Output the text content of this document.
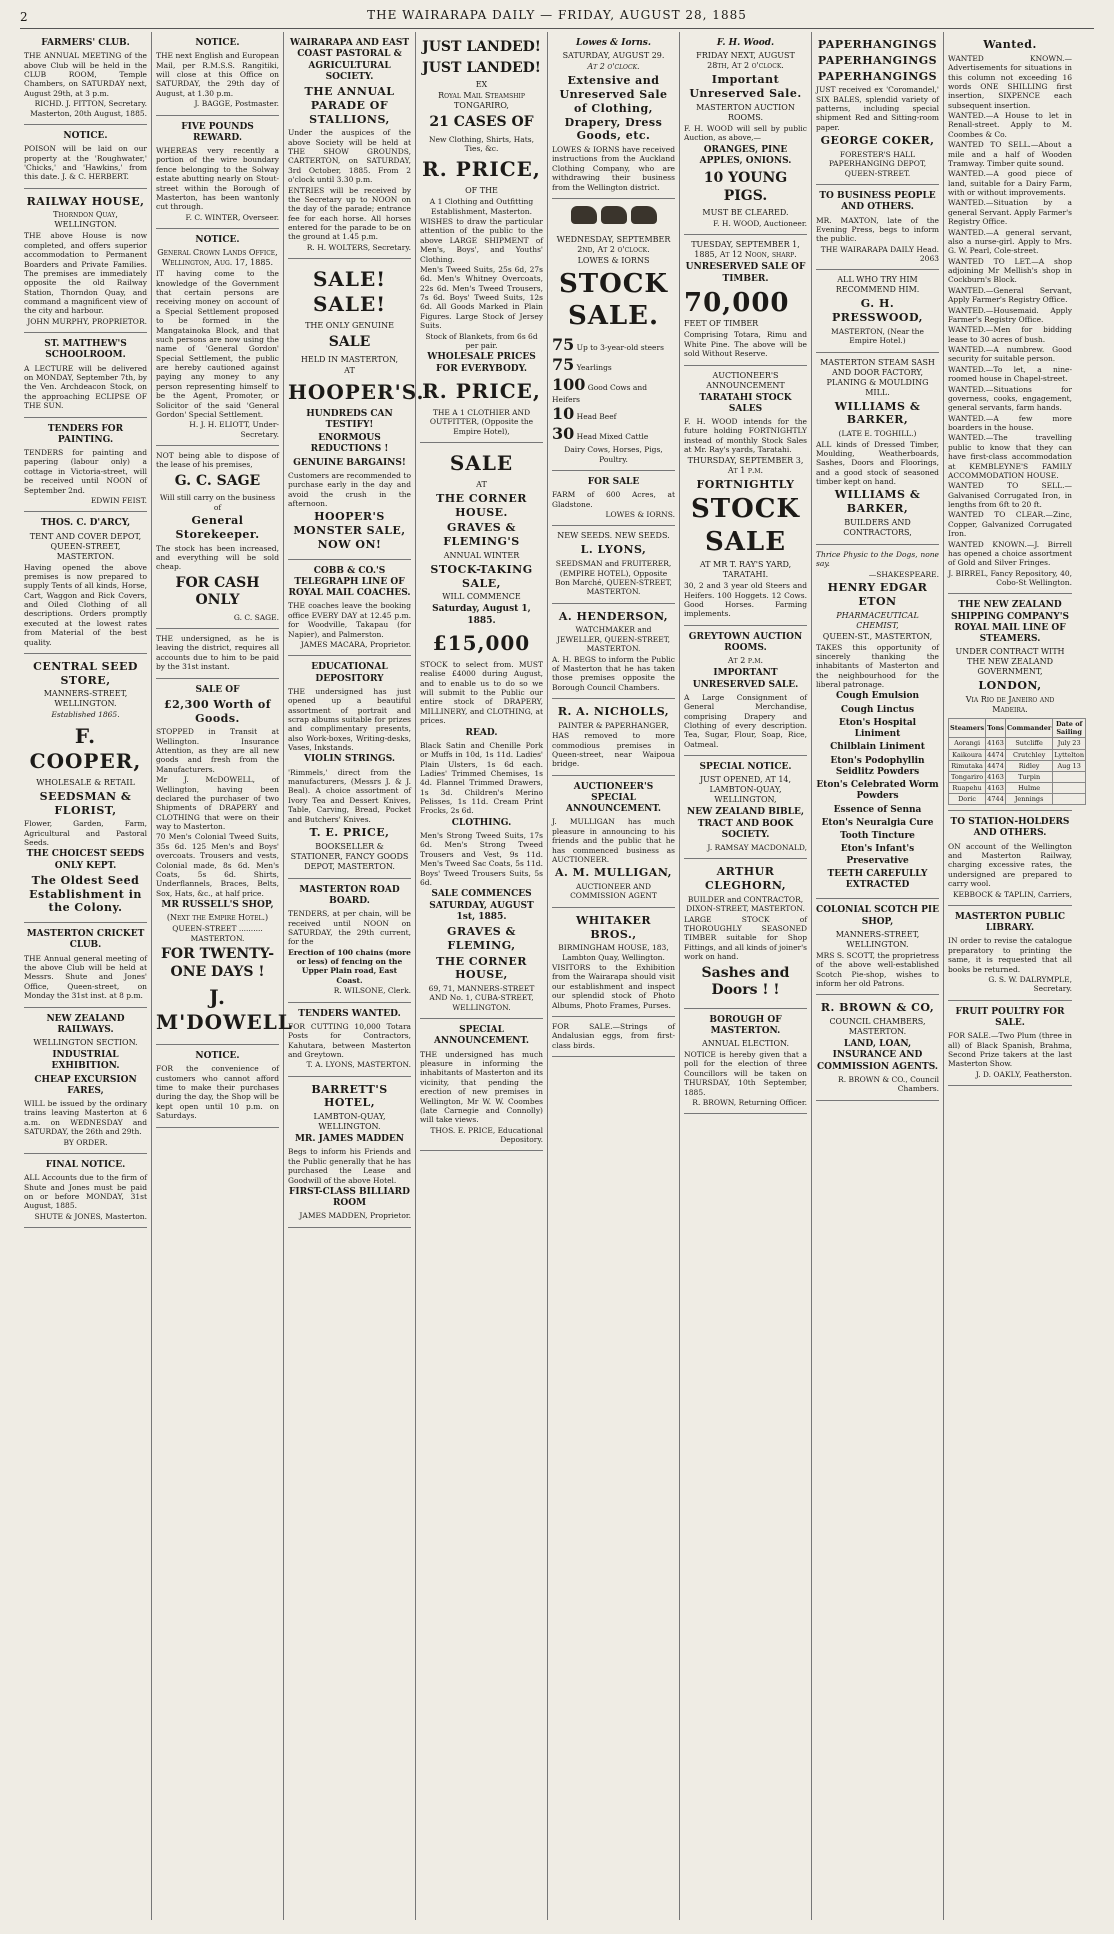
2	THE WAIRARAPA DAILY — FRIDAY, AUGUST 28, 1885
FARMERS' CLUB.

THE ANNUAL MEETING of the above Club will be held in the CLUB ROOM, Temple Chambers, on SATURDAY next, August 29th, at 3 p.m.

RICHD. J. FITTON, Secretary. Masterton, 20th August, 1885.

NOTICE.

POISON will be laid on our property at the 'Roughwater,' 'Chicks,' and 'Hawkins,' from this date. J. & C. HERBERT.

RAILWAY HOUSE,
Thorndon Quay, WELLINGTON.

THE above House is now completed, and offers superior accommodation to Permanent Boarders and Private Families. The premises are immediately opposite the old Railway Station, Thorndon Quay, and command a magnificent view of the city and harbour.

JOHN MURPHY, PROPRIETOR.

ST. MATTHEW'S SCHOOLROOM.

A LECTURE will be delivered on MONDAY, September 7th, by the Ven. Archdeacon Stock, on the approaching ECLIPSE OF THE SUN.

TENDERS FOR PAINTING.

TENDERS for painting and papering (labour only) a cottage in Victoria-street, will be received until NOON of September 2nd.

EDWIN FEIST.

THOS. C. D'ARCY,
TENT AND COVER DEPOT, QUEEN-STREET, MASTERTON.

Having opened the above premises is now prepared to supply Tents of all kinds, Horse, Cart, Waggon and Rick Covers, and Oiled Clothing of all descriptions. Orders promptly executed at the lowest rates from Material of the best quality.

CENTRAL SEED STORE,
MANNERS-STREET, WELLINGTON.

Established 1865.

F. COOPER,
WHOLESALE & RETAIL
SEEDSMAN & FLORIST,

Flower, Garden, Farm, Agricultural and Pastoral Seeds.

THE CHOICEST SEEDS ONLY KEPT.
The Oldest Seed Establishment in the Colony.
MASTERTON CRICKET CLUB.

THE Annual general meeting of the above Club will be held at Messrs. Shute and Jones' Office, Queen-street, on Monday the 31st inst. at 8 p.m.

NEW ZEALAND RAILWAYS.
WELLINGTON SECTION.
INDUSTRIAL EXHIBITION.
CHEAP EXCURSION FARES,

WILL be issued by the ordinary trains leaving Masterton at 6 a.m. on WEDNESDAY and SATURDAY, the 26th and 29th.

BY ORDER.

FINAL NOTICE.

ALL Accounts due to the firm of Shute and Jones must be paid on or before MONDAY, 31st August, 1885.

SHUTE & JONES, Masterton.

NOTICE.

THE next English and European Mail, per R.M.S.S. Rangitiki, will close at this Office on SATURDAY, the 29th day of August, at 1.30 p.m.

J. BAGGE, Postmaster.

FIVE POUNDS REWARD.

WHEREAS very recently a portion of the wire boundary fence belonging to the Solway estate abutting nearly on Stout-street within the Borough of Masterton, has been wantonly cut through.

F. C. WINTER, Overseer.

NOTICE.
General Crown Lands Office, Wellington, Aug. 17, 1885.

IT having come to the knowledge of the Government that certain persons are receiving money on account of a Special Settlement proposed to be formed in the Mangatainoka Block, and that such persons are now using the name of 'General Gordon' Special Settlement, the public are hereby cautioned against paying any money to any person representing himself to be the Agent, Promoter, or Solicitor of the said 'General Gordon' Special Settlement.

H. J. H. ELIOTT, Under-Secretary.

NOT being able to dispose of the lease of his premises,

G. C. SAGE

Will still carry on the business of

General Storekeeper.

The stock has been increased, and everything will be sold cheap.

FOR CASH ONLY

G. C. SAGE.

THE undersigned, as he is leaving the district, requires all accounts due to him to be paid by the 31st instant.

SALE OF
£2,300 Worth of Goods.

STOPPED in Transit at Wellington. Insurance Attention, as they are all new goods and fresh from the Manufacturers.

Mr J. McDOWELL, of Wellington, having been declared the purchaser of two Shipments of DRAPERY and CLOTHING that were on their way to Masterton.

70 Men's Colonial Tweed Suits, 35s 6d. 125 Men's and Boys' overcoats. Trousers and vests, Colonial made, 8s 6d. Men's Coats, 5s 6d. Shirts, Underflannels, Braces, Belts, Sox, Hats, &c., at half price.

MR RUSSELL'S SHOP,
(Next the Empire Hotel.)

QUEEN-STREET .......... MASTERTON.

FOR TWENTY-ONE DAYS !
J. M'DOWELL
NOTICE.

FOR the convenience of customers who cannot afford time to make their purchases during the day, the Shop will be kept open until 10 p.m. on Saturdays.

WAIRARAPA AND EAST COAST PASTORAL & AGRICULTURAL SOCIETY.
THE ANNUAL PARADE OF STALLIONS,

Under the auspices of the above Society will be held at THE SHOW GROUNDS, CARTERTON, on SATURDAY, 3rd October, 1885. From 2 o'clock until 3.30 p.m.

ENTRIES will be received by the Secretary up to NOON on the day of the parade; entrance fee for each horse. All horses entered for the parade to be on the ground at 1.45 p.m.

R. H. WOLTERS, Secretary.

SALE! SALE!
THE ONLY GENUINE
SALE
HELD IN MASTERTON,
AT
HOOPER'S.
HUNDREDS CAN TESTIFY!
ENORMOUS REDUCTIONS !
GENUINE BARGAINS!

Customers are recommended to purchase early in the day and avoid the crush in the afternoon.

HOOPER'S MONSTER SALE, NOW ON!
COBB & CO.'S TELEGRAPH LINE OF ROYAL MAIL COACHES.

THE coaches leave the booking office EVERY DAY at 12.45 p.m. for Woodville, Takapau (for Napier), and Palmerston.

JAMES MACARA, Proprietor.

EDUCATIONAL DEPOSITORY

THE undersigned has just opened up a beautiful assortment of portrait and scrap albums suitable for prizes and complimentary presents, also Work-boxes, Writing-desks, Vases, Inkstands.

VIOLIN STRINGS.

'Rimmels,' direct from the manufacturers, (Messrs J. & J. Beal). A choice assortment of Ivory Tea and Dessert Knives, Table, Carving, Bread, Pocket and Butchers' Knives.

T. E. PRICE,
BOOKSELLER & STATIONER, FANCY GOODS DEPOT, MASTERTON.
MASTERTON ROAD BOARD.

TENDERS, at per chain, will be received until NOON on SATURDAY, the 29th current, for the

Erection of 100 chains (more or less) of fencing on the Upper Plain road, East Coast.

R. WILSONE, Clerk.

TENDERS WANTED.

FOR CUTTING 10,000 Totara Posts for Contractors, Kahutara, between Masterton and Greytown.

T. A. LYONS, MASTERTON.

BARRETT'S HOTEL,
LAMBTON-QUAY, WELLINGTON.
MR. JAMES MADDEN

Begs to inform his Friends and the Public generally that he has purchased the Lease and Goodwill of the above Hotel.

FIRST-CLASS BILLIARD ROOM

JAMES MADDEN, Proprietor.

JUST LANDED!
JUST LANDED!
EX
Royal Mail Steamship TONGARIRO,
21 CASES OF

New Clothing, Shirts, Hats, Ties, &c.

R. PRICE,
OF THE

A 1 Clothing and Outfitting Establishment, Masterton.

WISHES to draw the particular attention of the public to the above LARGE SHIPMENT of Men's, Boys', and Youths' Clothing.

Men's Tweed Suits, 25s 6d, 27s 6d. Men's Whitney Overcoats, 22s 6d. Men's Tweed Trousers, 7s 6d. Boys' Tweed Suits, 12s 6d. All Goods Marked in Plain Figures. Large Stock of Jersey Suits.

Stock of Blankets, from 6s 6d per pair.

WHOLESALE PRICES FOR EVERYBODY.
R. PRICE,

THE A 1 CLOTHIER AND OUTFITTER, (Opposite the Empire Hotel),

SALE
AT
THE CORNER HOUSE.
GRAVES & FLEMING'S
ANNUAL WINTER
STOCK-TAKING SALE,
WILL COMMENCE
Saturday, August 1, 1885.
£15,000

STOCK to select from. MUST realise £4000 during August, and to enable us to do so we will submit to the Public our entire stock of DRAPERY, MILLINERY, and CLOTHING, at prices.

READ.

Black Satin and Chenille Pork or Muffs in 10d, 1s 11d. Ladies' Plain Ulsters, 1s 6d each. Ladies' Trimmed Chemises, 1s 4d. Flannel Trimmed Drawers, 1s 3d. Children's Merino Pelisses, 1s 11d. Cream Print Frocks, 2s 6d.

CLOTHING.

Men's Strong Tweed Suits, 17s 6d. Men's Strong Tweed Trousers and Vest, 9s 11d. Men's Tweed Sac Coats, 5s 11d. Boys' Tweed Trousers Suits, 5s 6d.

SALE COMMENCES SATURDAY, AUGUST 1st, 1885.
GRAVES & FLEMING,
THE CORNER HOUSE,

69, 71, MANNERS-STREET AND No. 1, CUBA-STREET, WELLINGTON.

SPECIAL ANNOUNCEMENT.

THE undersigned has much pleasure in informing the inhabitants of Masterton and its vicinity, that pending the erection of new premises in Wellington, Mr W. W. Coombes (late Carnegie and Connolly) will take views.

THOS. E. PRICE, Educational Depository.

Lowes & Iorns.
SATURDAY, AUGUST 29.
At 2 o'clock.
Extensive and Unreserved Sale of Clothing, Drapery, Dress Goods, etc.

LOWES & IORNS have received instructions from the Auckland Clothing Company, who are withdrawing their business from the Wellington district.

WEDNESDAY, SEPTEMBER 2nd, At 2 o'clock.
LOWES & IORNS
STOCK SALE.
75 Up to 3-year-old steers
75 Yearlings
100 Good Cows and Heifers
10 Head Beef
30 Head Mixed Cattle

Dairy Cows, Horses, Pigs, Poultry.

FOR SALE

FARM of 600 Acres, at Gladstone.

LOWES & IORNS.

NEW SEEDS. NEW SEEDS.
L. LYONS,

SEEDSMAN and FRUITERER, (EMPIRE HOTEL), Opposite Bon Marché, QUEEN-STREET, MASTERTON.

A. HENDERSON,

WATCHMAKER and JEWELLER, QUEEN-STREET, MASTERTON.

A. H. BEGS to inform the Public of Masterton that he has taken those premises opposite the Borough Council Chambers.

R. A. NICHOLLS,

PAINTER & PAPERHANGER,

HAS removed to more commodious premises in Queen-street, near Waipoua bridge.

AUCTIONEER'S SPECIAL ANNOUNCEMENT.

J. MULLIGAN has much pleasure in announcing to his friends and the public that he has commenced business as AUCTIONEER.

A. M. MULLIGAN,

AUCTIONEER AND COMMISSION AGENT

WHITAKER BROS.,

BIRMINGHAM HOUSE, 183, Lambton Quay, Wellington.

VISITORS to the Exhibition from the Wairarapa should visit our establishment and inspect our splendid stock of Photo Albums, Photo Frames, Purses.

FOR SALE.—Strings of Andalusian eggs, from first-class birds.

F. H. Wood.
FRIDAY NEXT, AUGUST 28th, At 2 o'clock.
Important Unreserved Sale.
MASTERTON AUCTION ROOMS.

F. H. WOOD will sell by public Auction, as above,—

ORANGES, PINE APPLES, ONIONS.
10 YOUNG PIGS.
MUST BE CLEARED.

F. H. WOOD, Auctioneer.

TUESDAY, SEPTEMBER 1, 1885, At 12 Noon, sharp.
UNRESERVED SALE OF TIMBER.
70,000 FEET OF TIMBER

Comprising Totara, Rimu and White Pine. The above will be sold Without Reserve.

AUCTIONEER'S ANNOUNCEMENT
TARATAHI STOCK SALES

F. H. WOOD intends for the future holding FORTNIGHTLY instead of monthly Stock Sales at Mr. Ray's yards, Taratahi.

THURSDAY, SEPTEMBER 3, At 1 p.m.
FORTNIGHTLY
STOCK SALE
AT MR T. RAY'S YARD, TARATAHI.

30, 2 and 3 year old Steers and Heifers. 100 Hoggets. 12 Cows. Good Horses. Farming implements.

GREYTOWN AUCTION ROOMS.
At 2 p.m.
IMPORTANT UNRESERVED SALE.

A Large Consignment of General Merchandise, comprising Drapery and Clothing of every description. Tea, Sugar, Flour, Soap, Rice, Oatmeal.

SPECIAL NOTICE.
JUST OPENED, AT 14, LAMBTON-QUAY, WELLINGTON,
NEW ZEALAND BIBLE, TRACT AND BOOK SOCIETY.

J. RAMSAY MACDONALD,

ARTHUR CLEGHORN,

BUILDER and CONTRACTOR, DIXON-STREET, MASTERTON.

LARGE STOCK of THOROUGHLY SEASONED TIMBER suitable for Shop Fittings, and all kinds of joiner's work on hand.

Sashes and Doors ! !
BOROUGH OF MASTERTON.
ANNUAL ELECTION.

NOTICE is hereby given that a poll for the election of three Councillors will be taken on THURSDAY, 10th September, 1885.

R. BROWN, Returning Officer.

PAPERHANGINGS
PAPERHANGINGS
PAPERHANGINGS

JUST received ex 'Coromandel,' SIX BALES, splendid variety of patterns, including special shipment Red and Sitting-room paper.

GEORGE COKER,

FORESTER'S HALL PAPERHANGING DEPOT, QUEEN-STREET.

TO BUSINESS PEOPLE AND OTHERS.

MR. MAXTON, late of the Evening Press, begs to inform the public.

THE WAIRARAPA DAILY Head. 2063

ALL WHO TRY HIM RECOMMEND HIM.
G. H. PRESSWOOD,

MASTERTON, (Near the Empire Hotel.)

MASTERTON STEAM SASH AND DOOR FACTORY, PLANING & MOULDING MILL.
WILLIAMS & BARKER,

(LATE E. TOGHILL.)

ALL kinds of Dressed Timber, Moulding, Weatherboards, Sashes, Doors and Floorings, and a good stock of seasoned timber kept on hand.

WILLIAMS & BARKER,
BUILDERS AND CONTRACTORS,

Thrice Physic to the Dogs, none say.

—SHAKESPEARE.

HENRY EDGAR ETON
PHARMACEUTICAL CHEMIST,
QUEEN-ST., MASTERTON,

TAKES this opportunity of sincerely thanking the inhabitants of Masterton and the neighbourhood for the liberal patronage.

Cough Emulsion
Cough Linctus
Eton's Hospital Liniment
Chilblain Liniment
Eton's Podophyllin Seidlitz Powders
Eton's Celebrated Worm Powders
Essence of Senna
Eton's Neuralgia Cure
Tooth Tincture
Eton's Infant's Preservative
TEETH CAREFULLY EXTRACTED
COLONIAL SCOTCH PIE SHOP,
MANNERS-STREET, WELLINGTON.

MRS S. SCOTT, the proprietress of the above well-established Scotch Pie-shop, wishes to inform her old Patrons.

R. BROWN & CO,
COUNCIL CHAMBERS, MASTERTON.
LAND, LOAN, INSURANCE AND COMMISSION AGENTS.

R. BROWN & CO., Council Chambers.

Wanted.

WANTED KNOWN.—Advertisements for situations in this column not exceeding 16 words ONE SHILLING first insertion, SIXPENCE each subsequent insertion.

WANTED.—A House to let in Renall-street. Apply to M. Coombes & Co.

WANTED TO SELL.—About a mile and a half of Wooden Tramway. Timber quite sound.

WANTED.—A good piece of land, suitable for a Dairy Farm, with or without improvements.

WANTED.—Situation by a general Servant. Apply Farmer's Registry Office.

WANTED.—A general servant, also a nurse-girl. Apply to Mrs. G. W. Pearl, Cole-street.

WANTED TO LET.—A shop adjoining Mr Mellish's shop in Cockburn's Block.

WANTED.—General Servant, Apply Farmer's Registry Office.

WANTED.—Housemaid. Apply Farmer's Registry Office.

WANTED.—Men for bidding lease to 30 acres of bush.

WANTED.—A numbrew. Good security for suitable person.

WANTED.—To let, a nine-roomed house in Chapel-street.

WANTED.—Situations for governess, cooks, engagement, general servants, farm hands.

WANTED.—A few more boarders in the house.

WANTED.—The travelling public to know that they can have first-class accommodation at KEMBLEYNE'S FAMILY ACCOMMODATION HOUSE.

WANTED TO SELL.—Galvanised Corrugated Iron, in lengths from 6ft to 20 ft.

WANTED TO CLEAR.—Zinc, Copper, Galvanized Corrugated Iron.

WANTED KNOWN.—J. Birrell has opened a choice assortment of Gold and Silver Fringes.

J. BIRREL, Fancy Repository, 40, Cobo-St Wellington.

THE NEW ZEALAND SHIPPING COMPANY'S ROYAL MAIL LINE OF STEAMERS.
UNDER CONTRACT WITH THE NEW ZEALAND GOVERNMENT,
LONDON,
Via Rio de Janeiro and Madeira.
Steamers	Tons	Commander	Date of Sailing
Aorangi	4163	Sutcliffe	July 23
Kaikoura	4474	Crutchley	Lyttelton
Rimutaka	4474	Ridley	Aug 13
Tongariro	4163	Turpin	
Ruapehu	4163	Hulme	
Doric	4744	Jennings	
TO STATION-HOLDERS AND OTHERS.

ON account of the Wellington and Masterton Railway, charging excessive rates, the undersigned are prepared to carry wool.

KEBBOCK & TAPLIN, Carriers,

MASTERTON PUBLIC LIBRARY.

IN order to revise the catalogue preparatory to printing the same, it is requested that all books be returned.

G. S. W. DALRYMPLE, Secretary.

FRUIT POULTRY FOR SALE.

FOR SALE.—Two Plum (three in all) of Black Spanish, Brahma, Second Prize takers at the last Masterton Show.

J. D. OAKLY, Featherston.
